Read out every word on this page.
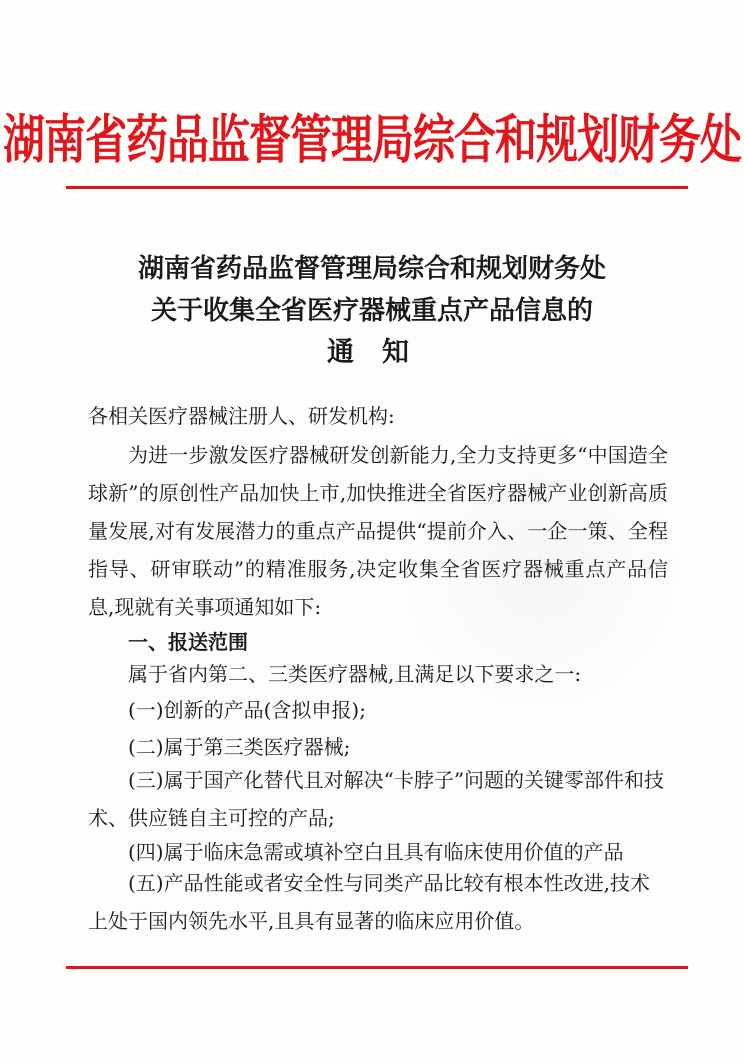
湖南省药品监督管理局综合和规划财务处
湖南省药品监督管理局综合和规划财务处
关于收集全省医疗器械重点产品信息的
通知
各相关医疗器械注册人、研发机构:
为进一步激发医疗器械研发创新能力,全力支持更多“中国造全球新”的原创性产品加快上市,加快推进全省医疗器械产业创新高质量发展,对有发展潜力的重点产品提供“提前介入、一企一策、全程指导、研审联动”的精准服务,决定收集全省医疗器械重点产品信息,现就有关事项通知如下:
一、报送范围
属于省内第二、三类医疗器械,且满足以下要求之一:
(一)创新的产品(含拟申报);
(二)属于第三类医疗器械;
(三)属于国产化替代且对解决“卡脖子”问题的关键零部件和技术、供应链自主可控的产品;
(四)属于临床急需或填补空白且具有临床使用价值的产品
(五)产品性能或者安全性与同类产品比较有根本性改进,技术上处于国内领先水平,且具有显著的临床应用价值。
